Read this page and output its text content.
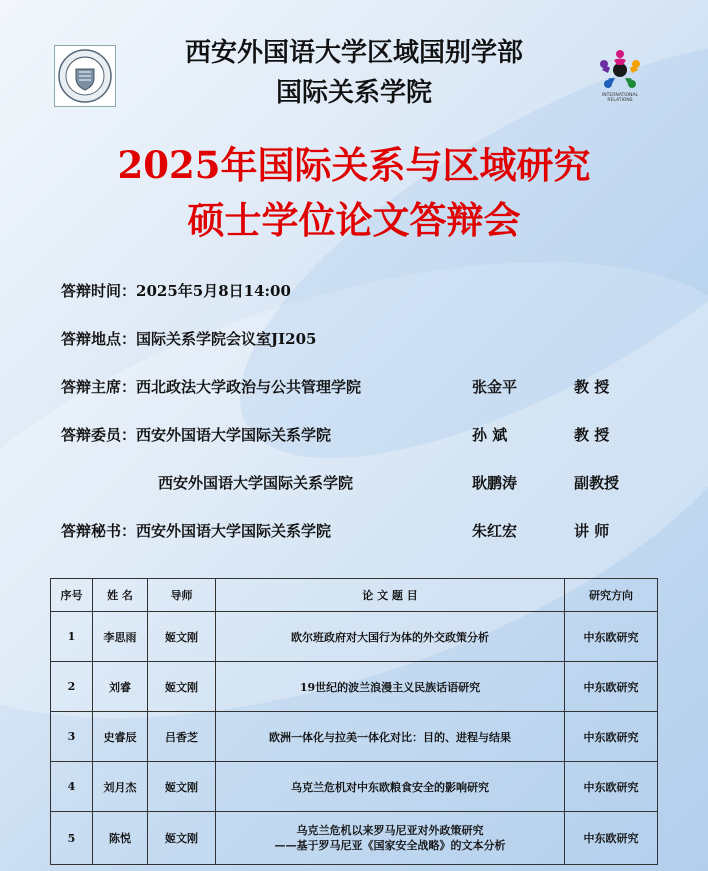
INTERNATIONAL
RELATIONS
西安外国语大学区域国别学部
国际关系学院
2025年国际关系与区域研究
硕士学位论文答辩会
答辩时间：2025年5月8日14:00
答辩地点：国际关系学院会议室JI205
答辩主席：西北政法大学政治与公共管理学院	张金平	教 授
答辩委员：西安外国语大学国际关系学院	孙 斌	教 授
西安外国语大学国际关系学院	耿鹏涛	副教授
答辩秘书：西安外国语大学国际关系学院	朱红宏	讲 师
序号	姓 名	导师	论 文 题 目	研究方向
1	李思雨	姬文刚	欧尔班政府对大国行为体的外交政策分析	中东欧研究
2	刘睿	姬文刚	19世纪的波兰浪漫主义民族话语研究	中东欧研究
3	史睿辰	吕香芝	欧洲一体化与拉美一体化对比：目的、进程与结果	中东欧研究
4	刘月杰	姬文刚	乌克兰危机对中东欧粮食安全的影响研究	中东欧研究
5	陈悦	姬文刚	乌克兰危机以来罗马尼亚对外政策研究
——基于罗马尼亚《国家安全战略》的文本分析	中东欧研究
